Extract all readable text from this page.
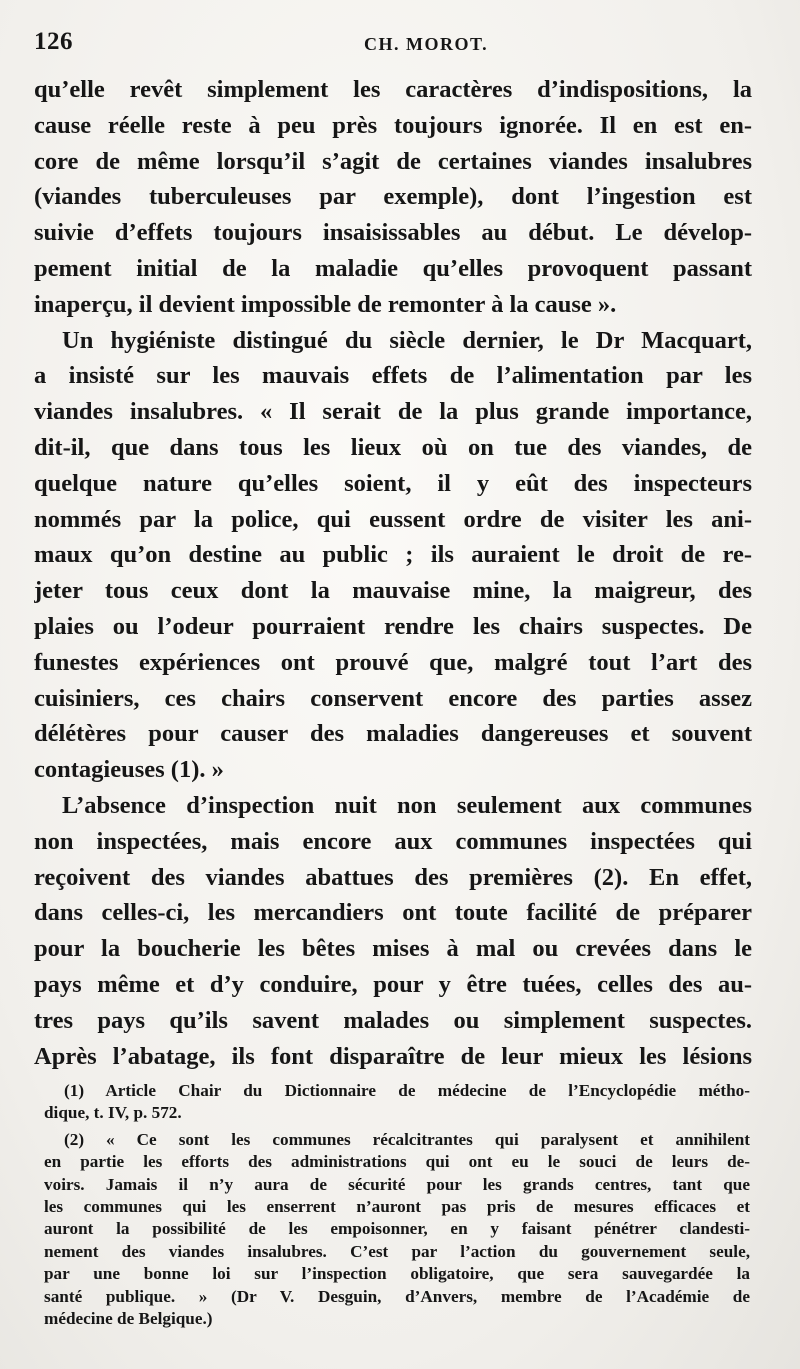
126	CH. MOROT.
qu’elle revêt simplement les caractères d’indispositions, la
cause réelle reste à peu près toujours ignorée. Il en est en-
core de même lorsqu’il s’agit de certaines viandes insalubres
(viandes tuberculeuses par exemple), dont l’ingestion est
suivie d’effets toujours insaisissables au début. Le dévelop-
pement initial de la maladie qu’elles provoquent passant
inaperçu, il devient impossible de remonter à la cause ».
Un hygiéniste distingué du siècle dernier, le Dr Macquart,
a insisté sur les mauvais effets de l’alimentation par les
viandes insalubres. « Il serait de la plus grande importance,
dit-il, que dans tous les lieux où on tue des viandes, de
quelque nature qu’elles soient, il y eût des inspecteurs
nommés par la police, qui eussent ordre de visiter les ani-
maux qu’on destine au public ; ils auraient le droit de re-
jeter tous ceux dont la mauvaise mine, la maigreur, des
plaies ou l’odeur pourraient rendre les chairs suspectes. De
funestes expériences ont prouvé que, malgré tout l’art des
cuisiniers, ces chairs conservent encore des parties assez
délétères pour causer des maladies dangereuses et souvent
contagieuses (1). »
L’absence d’inspection nuit non seulement aux communes
non inspectées, mais encore aux communes inspectées qui
reçoivent des viandes abattues des premières (2). En effet,
dans celles-ci, les mercandiers ont toute facilité de préparer
pour la boucherie les bêtes mises à mal ou crevées dans le
pays même et d’y conduire, pour y être tuées, celles des au-
tres pays qu’ils savent malades ou simplement suspectes.
Après l’abatage, ils font disparaître de leur mieux les lésions
(1) Article Chair du Dictionnaire de médecine de l’Encyclopédie métho-
dique, t. IV, p. 572.
(2) « Ce sont les communes récalcitrantes qui paralysent et annihilent
en partie les efforts des administrations qui ont eu le souci de leurs de-
voirs. Jamais il n’y aura de sécurité pour les grands centres, tant que
les communes qui les enserrent n’auront pas pris de mesures efficaces et
auront la possibilité de les empoisonner, en y faisant pénétrer clandesti-
nement des viandes insalubres. C’est par l’action du gouvernement seule,
par une bonne loi sur l’inspection obligatoire, que sera sauvegardée la
santé publique. » (Dr V. Desguin, d’Anvers, membre de l’Académie de
médecine de Belgique.)
